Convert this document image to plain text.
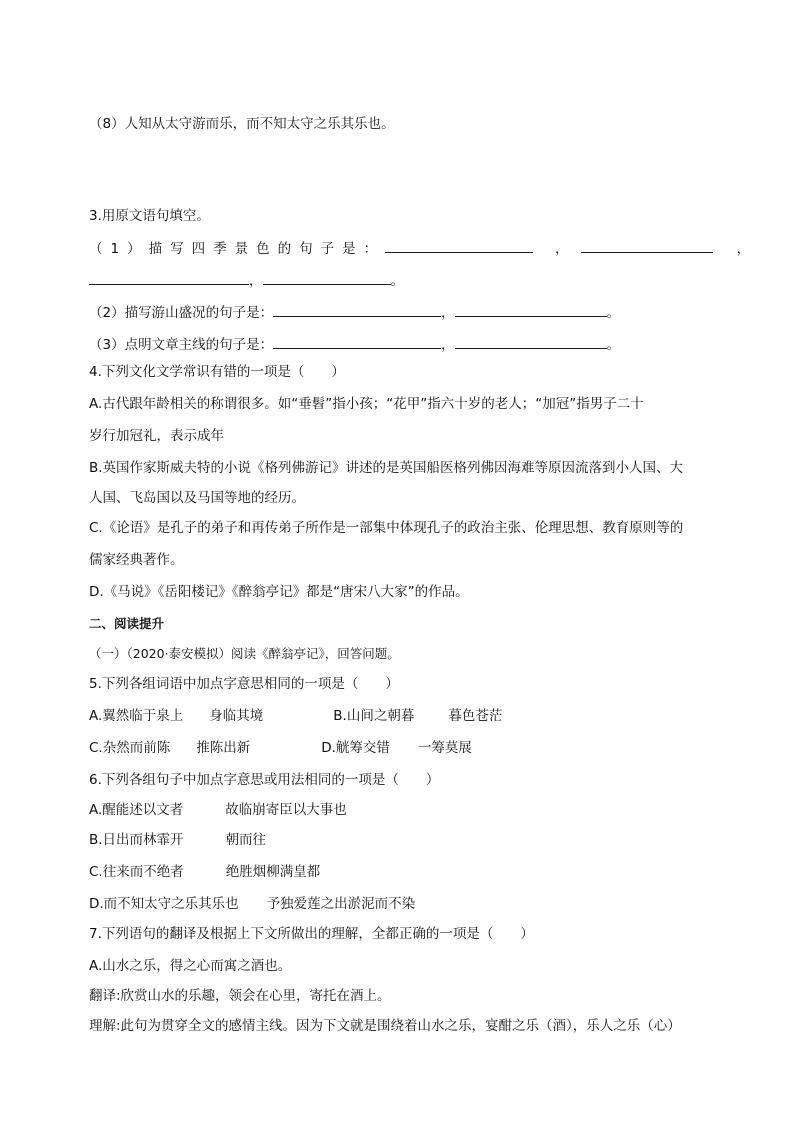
（8）人知从太守游而乐，而不知太守之乐其乐也。
3.用原文语句填空。
（1）描写四季景色的句子是：	，	，
，	。
（2）描写游山盛况的句子是：	，	。
（3）点明文章主线的句子是：	，	。
4.下列文化文学常识有错的一项是（　　）
A.古代跟年龄相关的称谓很多。如“垂髫”指小孩；“花甲”指六十岁的老人；“加冠”指男子二十
岁行加冠礼，表示成年
B.英国作家斯威夫特的小说《格列佛游记》讲述的是英国船医格列佛因海难等原因流落到小人国、大
人国、飞岛国以及马国等地的经历。
C.《论语》是孔子的弟子和再传弟子所作是一部集中体现孔子的政治主张、伦理思想、教育原则等的
儒家经典著作。
D.《马说》《岳阳楼记》《醉翁亭记》都是“唐宋八大家”的作品。
二、阅读提升
（一）（2020·泰安模拟）阅读《醉翁亭记》，回答问题。
5.下列各组词语中加点字意思相同的一项是（　　）
A.翼然临于泉上 身临其境	B.山间之朝暮	暮色苍茫
C.杂然而前陈 推陈出新	D.觥筹交错 一筹莫展
6.下列各组句子中加点字意思或用法相同的一项是（　　）
A.醒能述以文者	故临崩寄臣以大事也
B.日出而林霏开	朝而往
C.往来而不绝者	绝胜烟柳满皇都
D.而不知太守之乐其乐也 予独爱莲之出淤泥而不染
7.下列语句的翻译及根据上下文所做出的理解，全都正确的一项是（　　）
A.山水之乐，得之心而寓之酒也。
翻译:欣赏山水的乐趣，领会在心里，寄托在酒上。
理解:此句为贯穿全文的感情主线。因为下文就是围绕着山水之乐，宴酣之乐（酒），乐人之乐（心）
